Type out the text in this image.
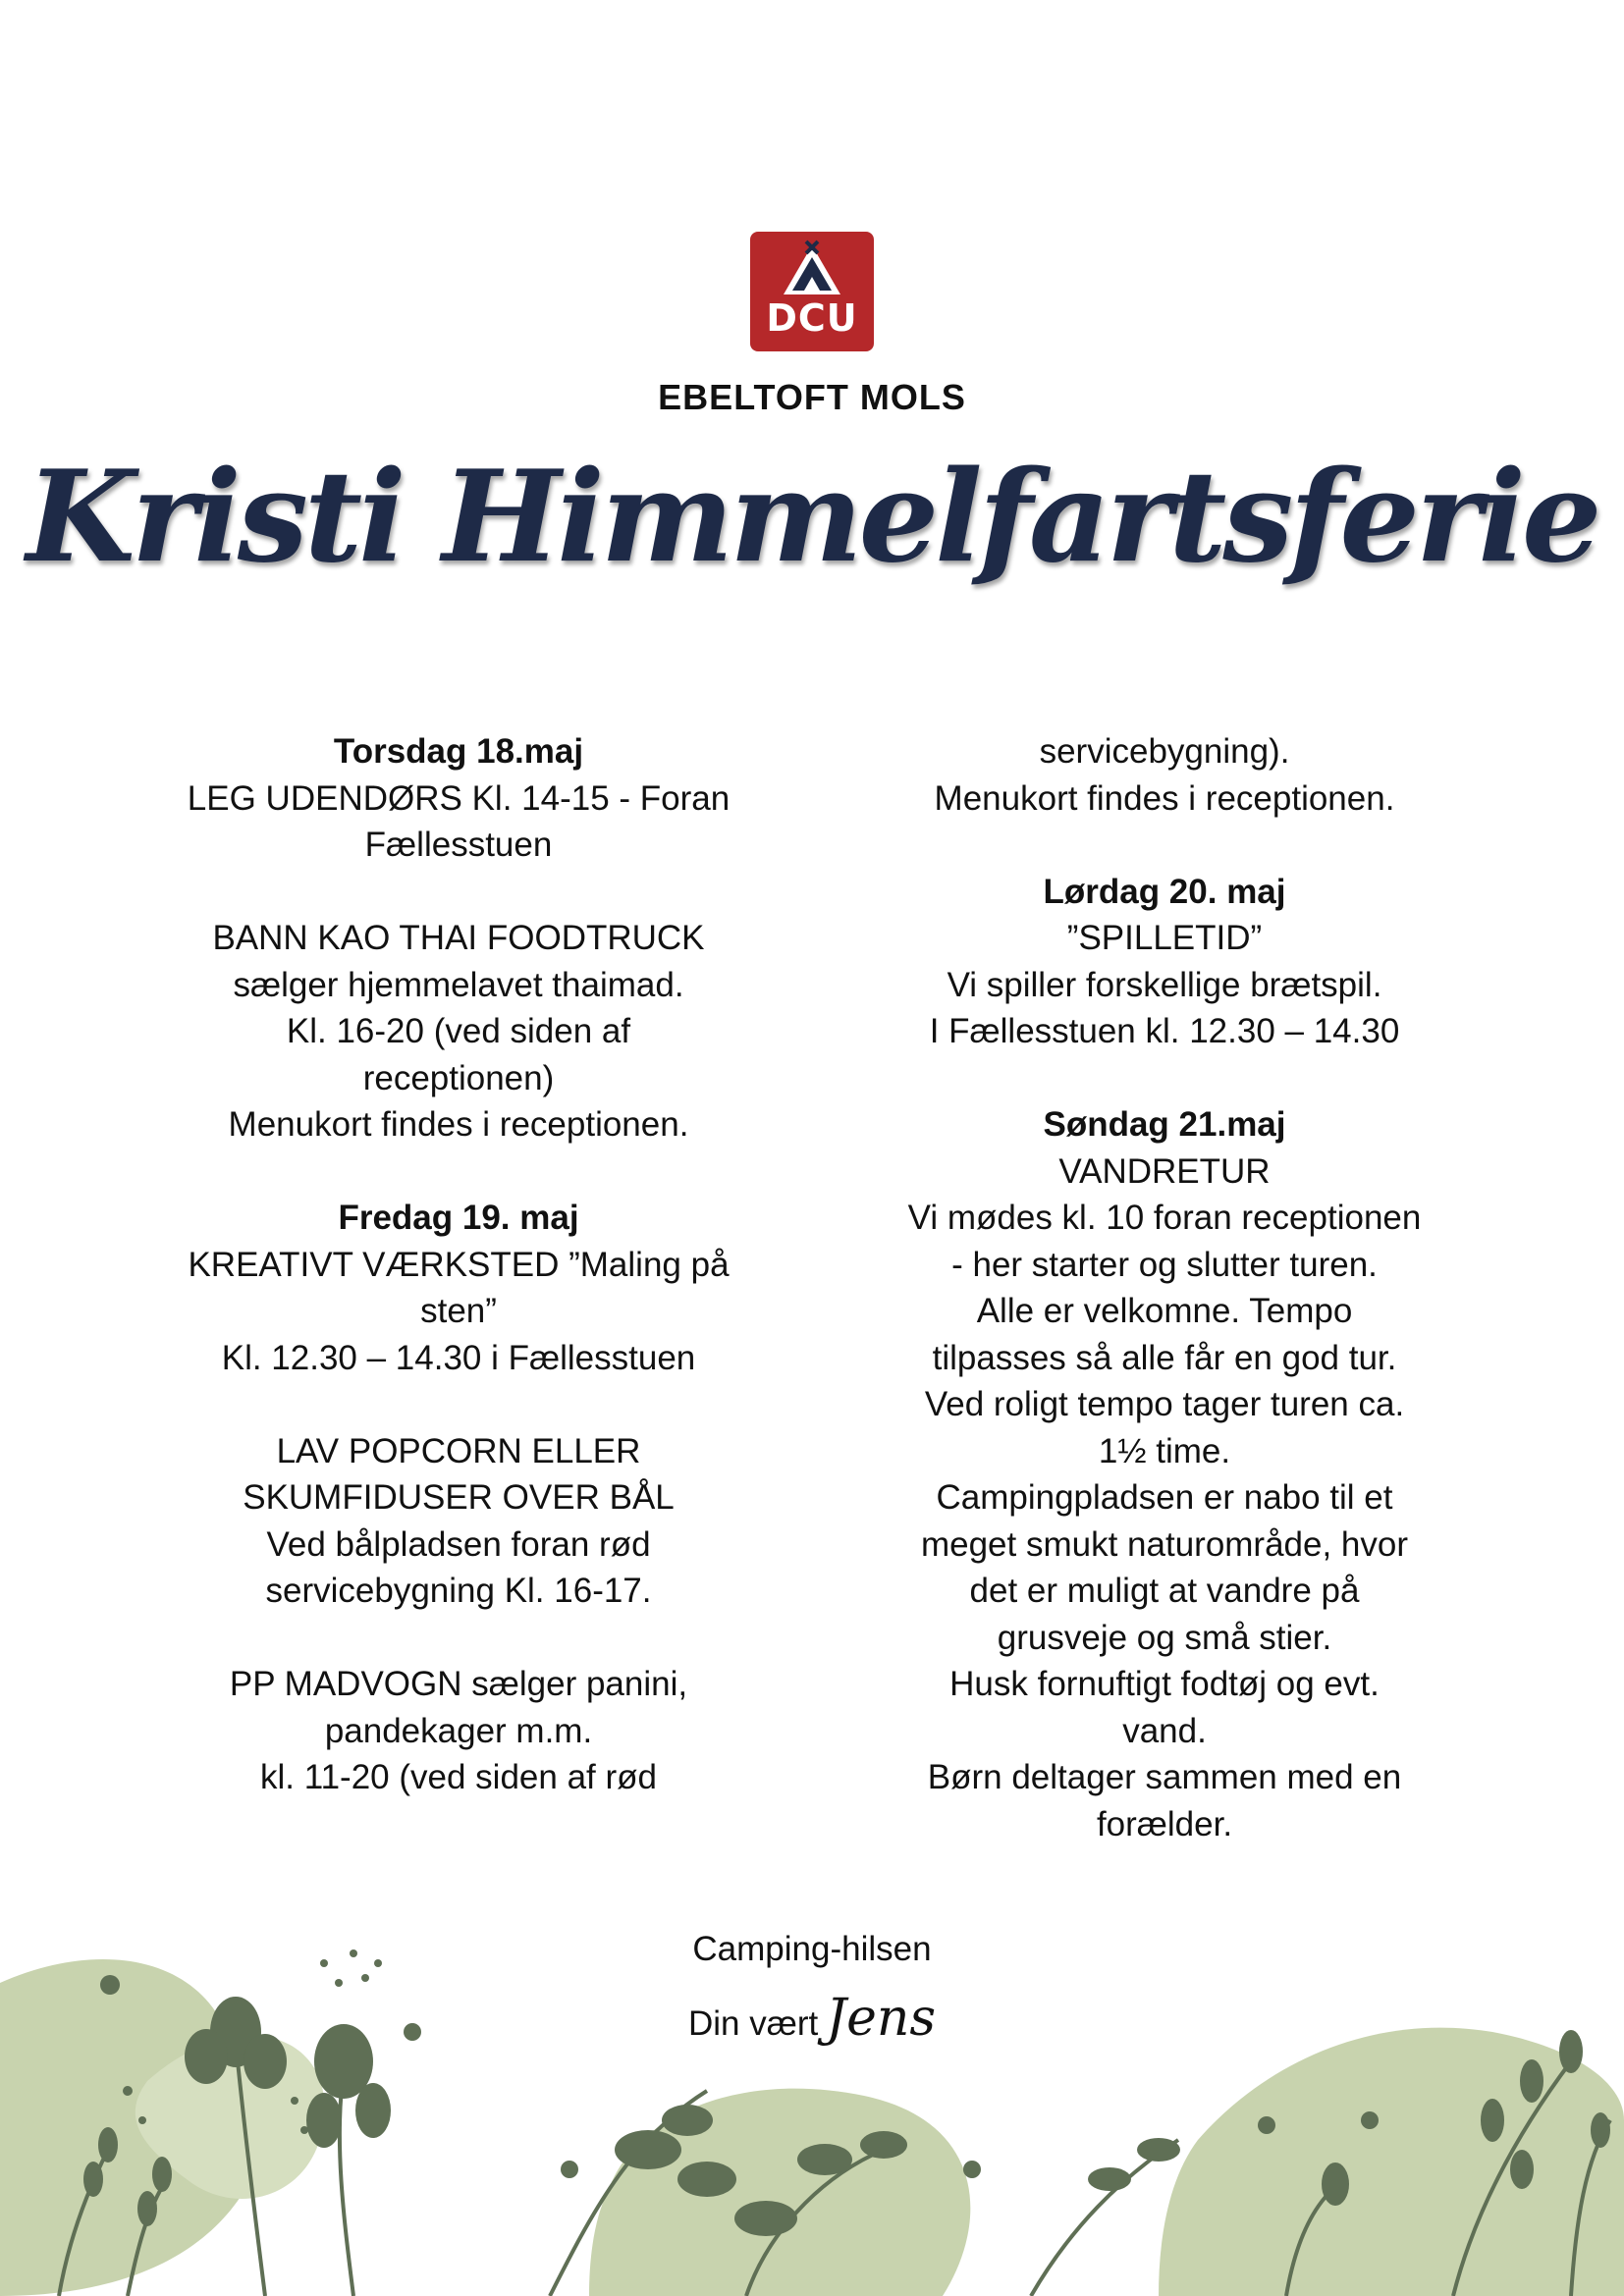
DCU
EBELTOFT MOLS
Kristi Himmelfartsferie

Torsdag 18.maj

LEG UDENDØRS Kl. 14-15 - Foran

Fællesstuen

BANN KAO THAI FOODTRUCK

sælger hjemmelavet thaimad.

Kl. 16-20 (ved siden af

receptionen)

Menukort findes i receptionen.

Fredag 19. maj

KREATIVT VÆRKSTED ”Maling på

sten”

Kl. 12.30 – 14.30 i Fællesstuen

LAV POPCORN ELLER

SKUMFIDUSER OVER BÅL

Ved bålpladsen foran rød

servicebygning Kl. 16-17.

PP MADVOGN sælger panini,

pandekager m.m.

kl. 11-20 (ved siden af rød

servicebygning).

Menukort findes i receptionen.

Lørdag 20. maj

”SPILLETID”

Vi spiller forskellige brætspil.

I Fællesstuen kl. 12.30 – 14.30

Søndag 21.maj

VANDRETUR

Vi mødes kl. 10 foran receptionen

- her starter og slutter turen.

Alle er velkomne. Tempo

tilpasses så alle får en god tur.

Ved roligt tempo tager turen ca.

1½ time.

Campingpladsen er nabo til et

meget smukt naturområde, hvor

det er muligt at vandre på

grusveje og små stier.

Husk fornuftigt fodtøj og evt.

vand.

Børn deltager sammen med en

forælder.

Camping-hilsen
Din vært Jens
